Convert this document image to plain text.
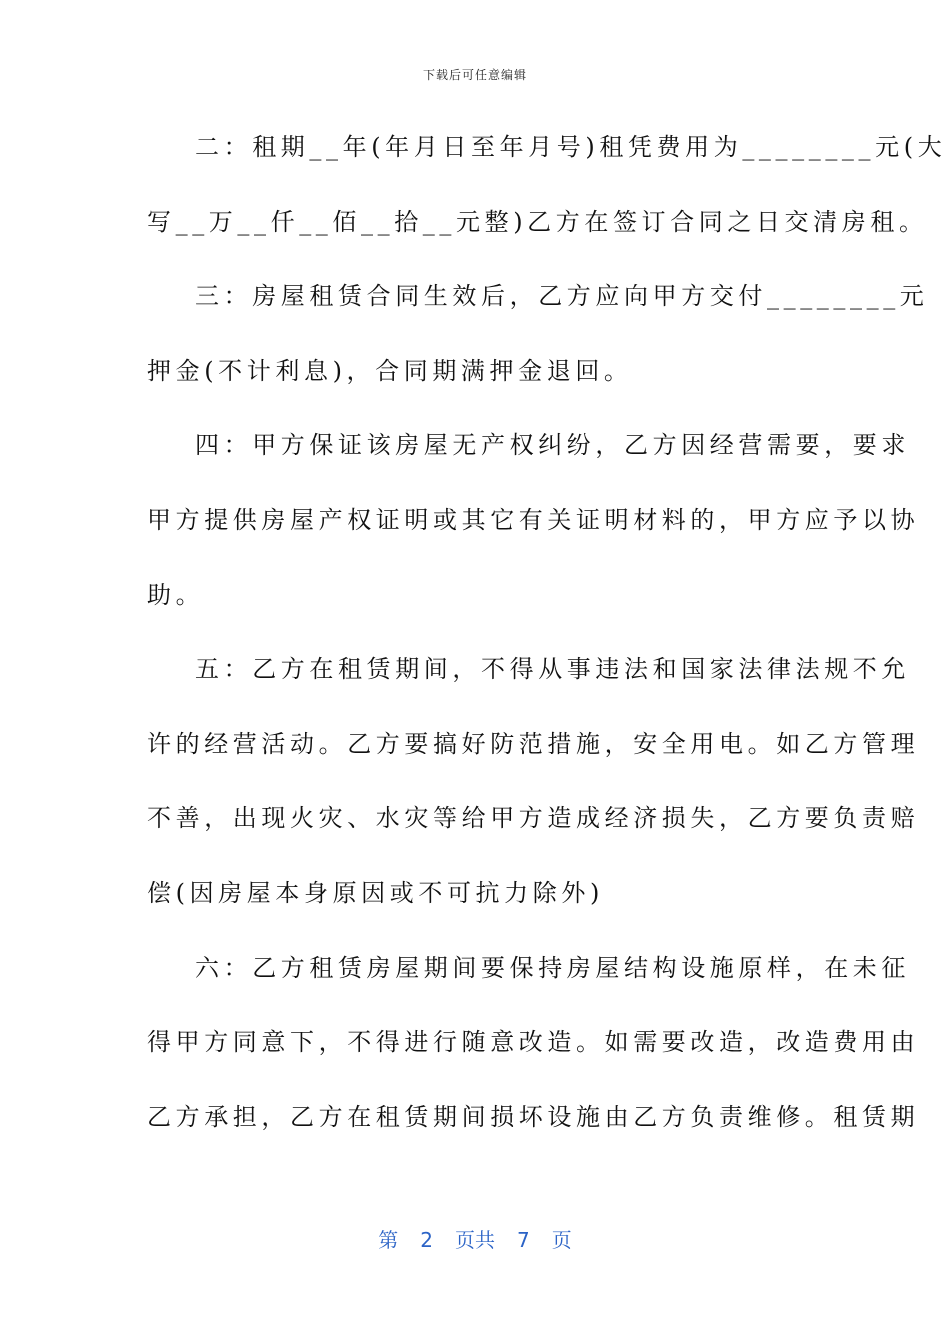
下载后可任意编辑
二：租期__年(年月日至年月号)租凭费用为________元(大
写__万__仟__佰__拾__元整)乙方在签订合同之日交清房租。
三：房屋租赁合同生效后，乙方应向甲方交付________元
押金(不计利息)，合同期满押金退回。
四：甲方保证该房屋无产权纠纷，乙方因经营需要，要求
甲方提供房屋产权证明或其它有关证明材料的，甲方应予以协
助。
五：乙方在租赁期间，不得从事违法和国家法律法规不允
许的经营活动。乙方要搞好防范措施，安全用电。如乙方管理
不善，出现火灾、水灾等给甲方造成经济损失，乙方要负责赔
偿(因房屋本身原因或不可抗力除外)
六：乙方租赁房屋期间要保持房屋结构设施原样，在未征
得甲方同意下，不得进行随意改造。如需要改造，改造费用由
乙方承担，乙方在租赁期间损坏设施由乙方负责维修。租赁期
第 2 页共 7 页
